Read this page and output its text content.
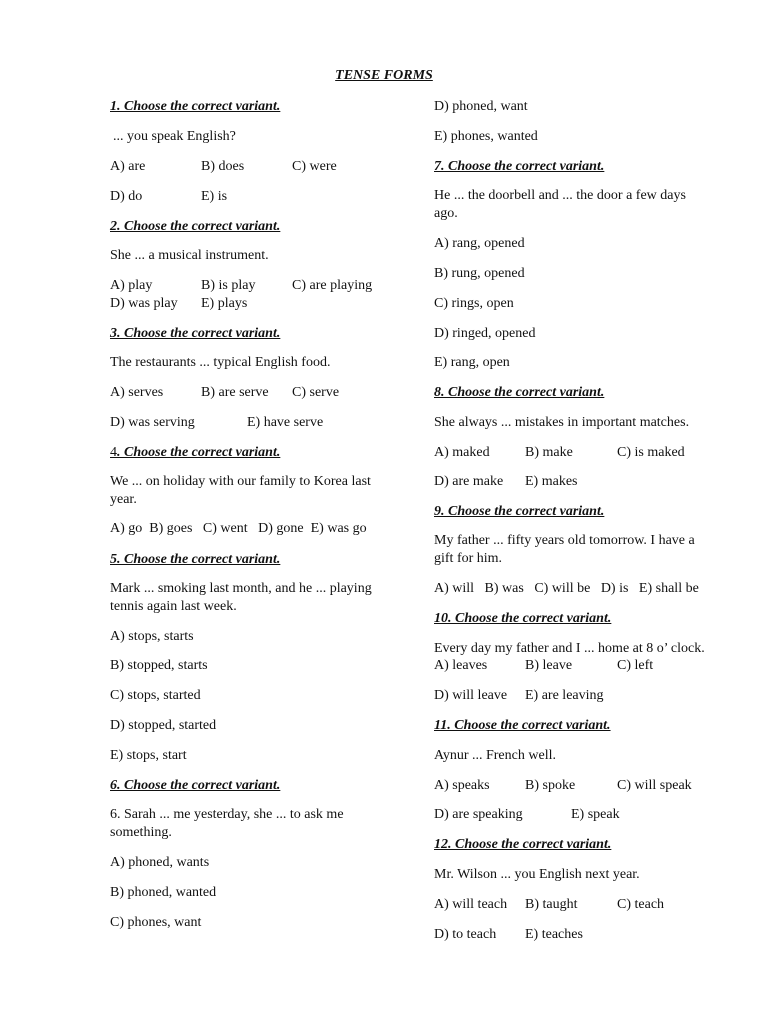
TENSE FORMS
1. Choose the correct variant.
... you speak English?
A) are	B) does	C) were
D) do	E) is
2. Choose the correct variant.
She ... a musical instrument.
A) play	B) is play	C) are playing
D) was play E) plays
3. Choose the correct variant.
The restaurants ... typical English food.
A) serves	B) are serve C) serve
D) was serving	E) have serve
4. Choose the correct variant.
We ... on holiday with our family to Korea last
year.
A) go  B) goes   C) went   D) gone  E) was go
5. Choose the correct variant.
Mark ... smoking last month, and he ... playing
tennis again last week.
A) stops, starts
B) stopped, starts
C) stops, started
D) stopped, started
E) stops, start
6. Choose the correct variant.
6. Sarah ... me yesterday, she ... to ask me
something.
A) phoned, wants
B) phoned, wanted
C) phones, want
D) phoned, want
E) phones, wanted
7. Choose the correct variant.
He ... the doorbell and ... the door a few days
ago.
A) rang, opened
B) rung, opened
C) rings, open
D) ringed, opened
E) rang, open
8. Choose the correct variant.
She always ... mistakes in important matches.
A) maked	B) make	C) is maked
D) are make E) makes
9. Choose the correct variant.
My father ... fifty years old tomorrow. I have a
gift for him.
A) will   B) was   C) will be   D) is   E) shall be
10. Choose the correct variant.
Every day my father and I ... home at 8 o’ clock.
A) leaves	B) leave	C) left
D) will leave E) are leaving
11. Choose the correct variant.
Aynur ... French well.
A) speaks	B) spoke	C) will speak
D) are speaking	E) speak
12. Choose the correct variant.
Mr. Wilson ... you English next year.
A) will teach B) taught	C) teach
D) to teach E) teaches
